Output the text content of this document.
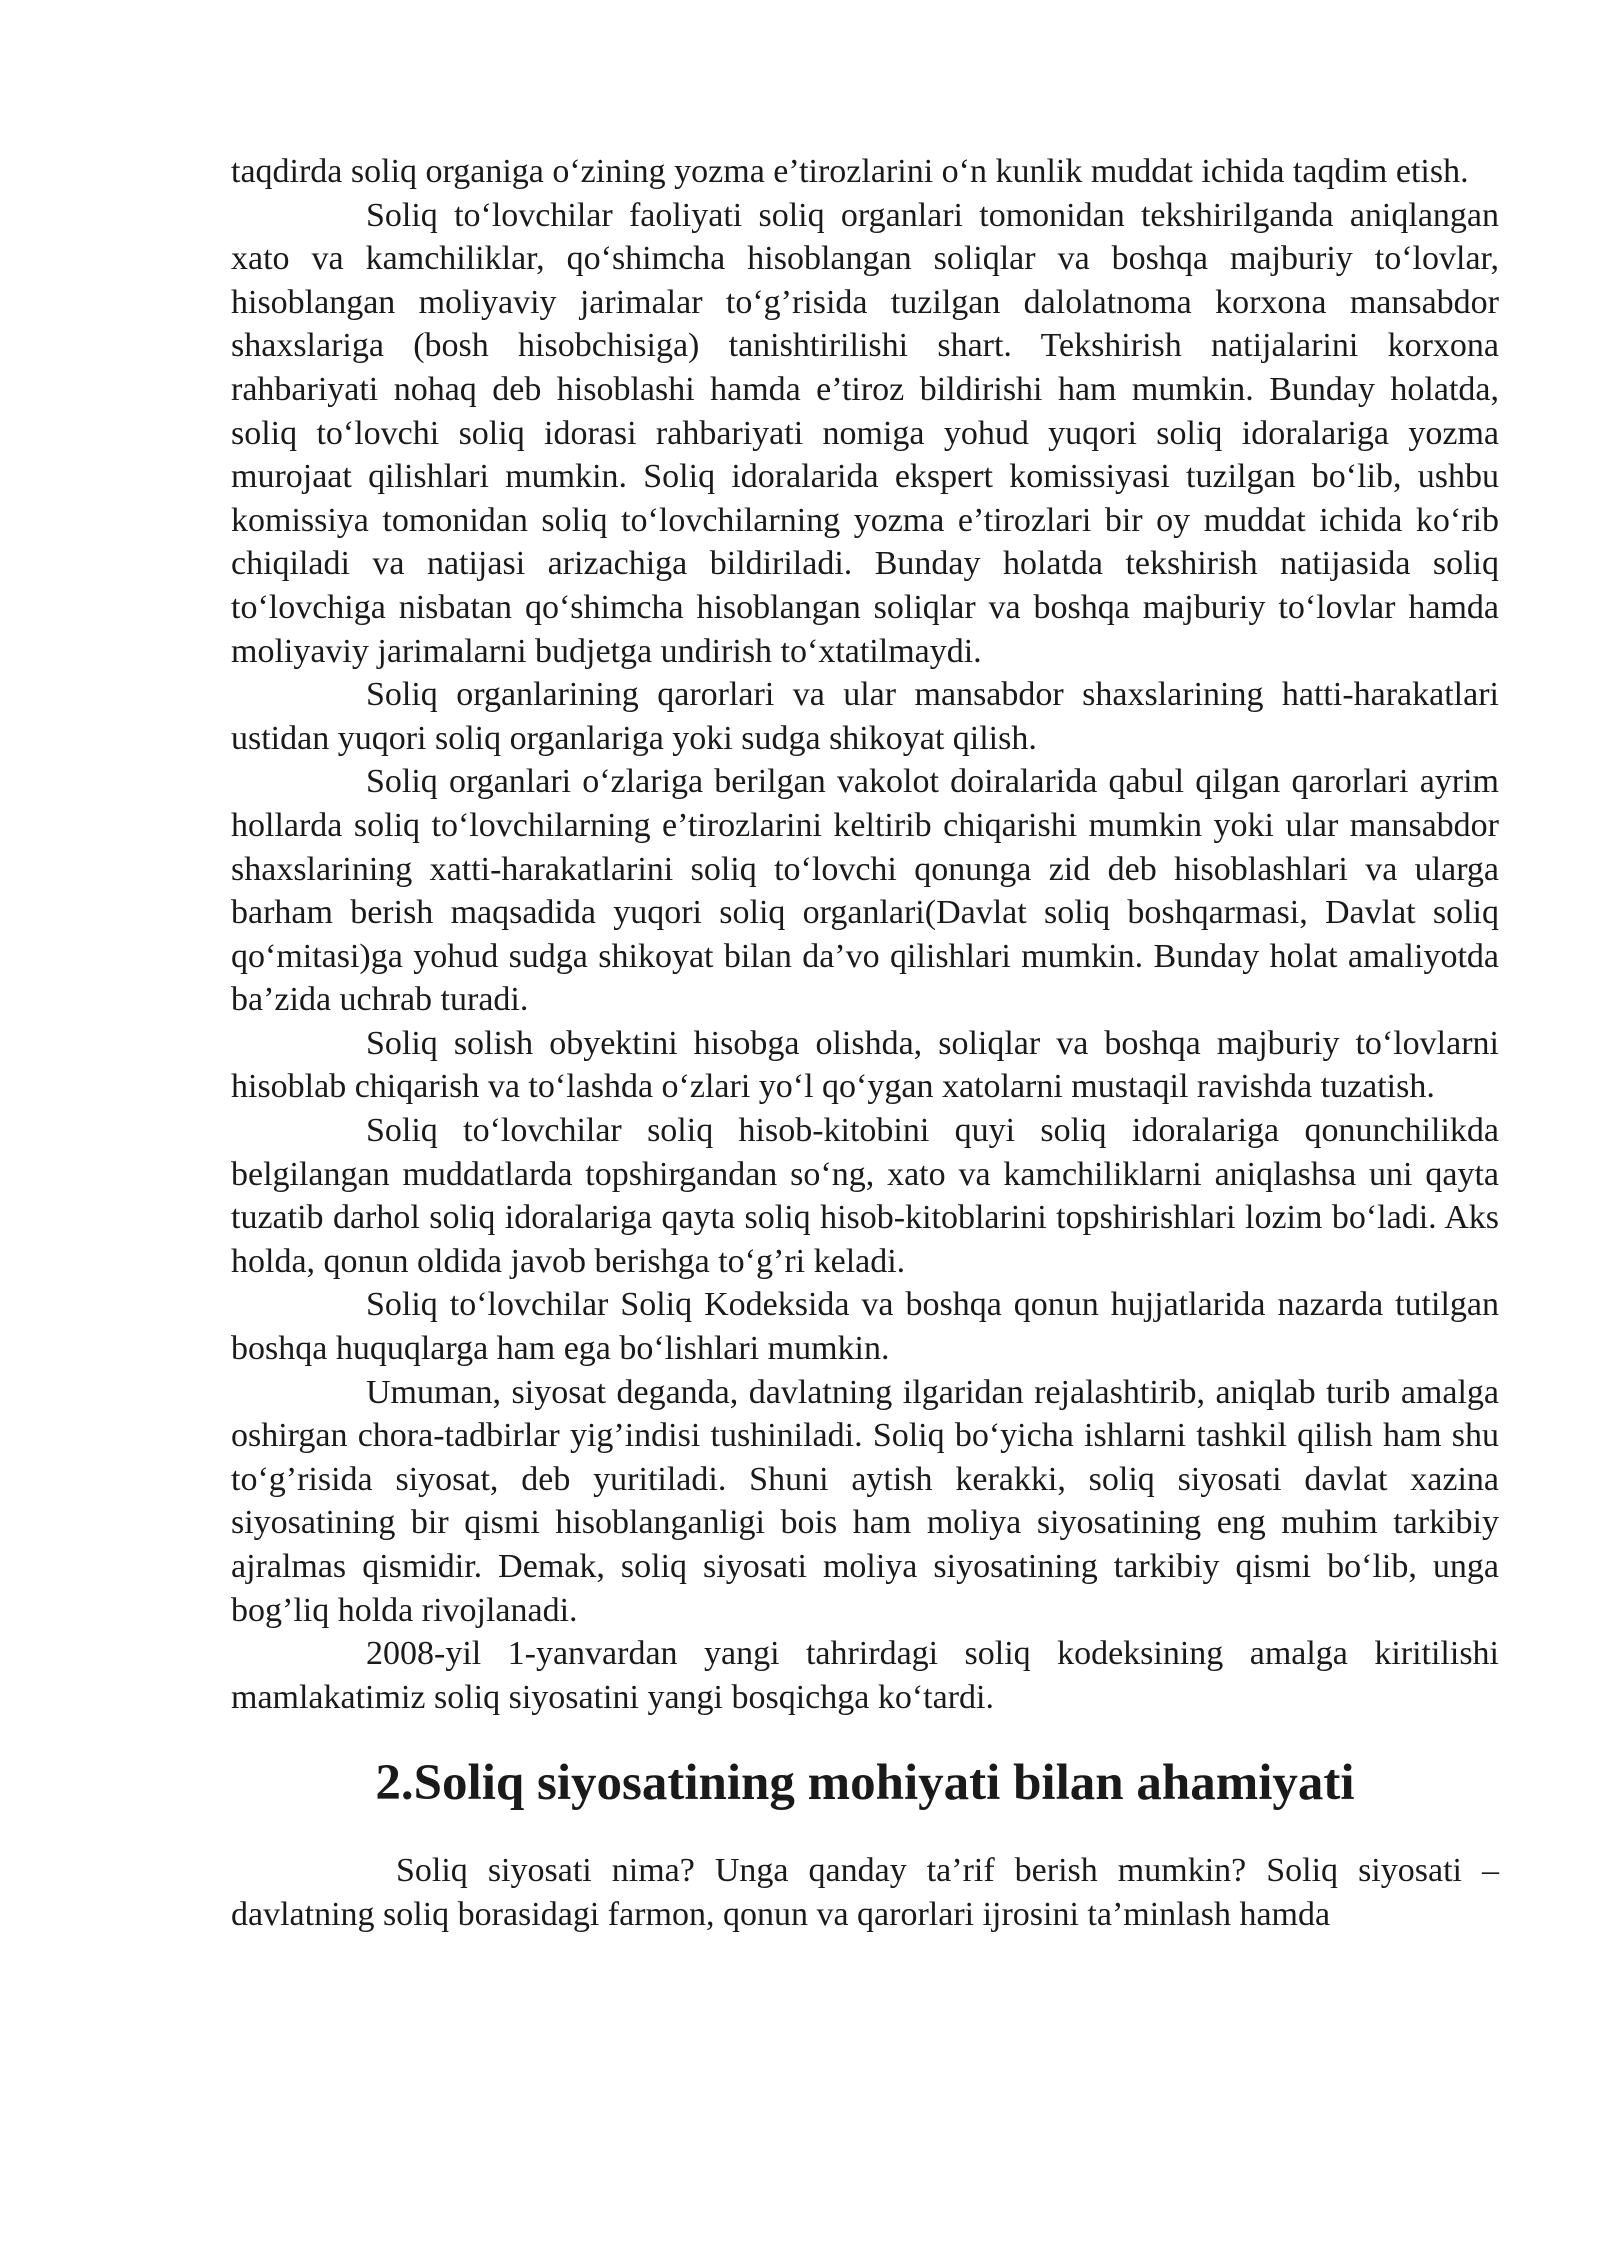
taqdirda soliq organiga o‘zining yozma e’tirozlarini o‘n kunlik muddat ichida taqdim etish.

Soliq to‘lovchilar faoliyati soliq organlari tomonidan tekshirilganda aniqlangan xato va kamchiliklar, qo‘shimcha hisoblangan soliqlar va boshqa majburiy to‘lovlar, hisoblangan moliyaviy jarimalar to‘g’risida tuzilgan dalolatnoma korxona mansabdor shaxslariga (bosh hisobchisiga) tanishtirilishi shart. Tekshirish natijalarini korxona rahbariyati nohaq deb hisoblashi hamda e’tiroz bildirishi ham mumkin. Bunday holatda, soliq to‘lovchi soliq idorasi rahbariyati nomiga yohud yuqori soliq idoralariga yozma murojaat qilishlari mumkin. Soliq idoralarida ekspert komissiyasi tuzilgan bo‘lib, ushbu komissiya tomonidan soliq to‘lovchilarning yozma e’tirozlari bir oy muddat ichida ko‘rib chiqiladi va natijasi arizachiga bildiriladi. Bunday holatda tekshirish natijasida soliq to‘lovchiga nisbatan qo‘shimcha hisoblangan soliqlar va boshqa majburiy to‘lovlar hamda moliyaviy jarimalarni budjetga undirish to‘xtatilmaydi.

Soliq organlarining qarorlari va ular mansabdor shaxslarining hatti-harakatlari ustidan yuqori soliq organlariga yoki sudga shikoyat qilish.

Soliq organlari o‘zlariga berilgan vakolot doiralarida qabul qilgan qarorlari ayrim hollarda soliq to‘lovchilarning e’tirozlarini keltirib chiqarishi mumkin yoki ular mansabdor shaxslarining xatti-harakatlarini soliq to‘lovchi qonunga zid deb hisoblashlari va ularga barham berish maqsadida yuqori soliq organlari(Davlat soliq boshqarmasi, Davlat soliq qo‘mitasi)ga yohud sudga shikoyat bilan da’vo qilishlari mumkin. Bunday holat amaliyotda ba’zida uchrab turadi.

Soliq solish obyektini hisobga olishda, soliqlar va boshqa majburiy to‘lovlarni hisoblab chiqarish va to‘lashda o‘zlari yo‘l qo‘ygan xatolarni mustaqil ravishda tuzatish.

Soliq to‘lovchilar soliq hisob-kitobini quyi soliq idoralariga qonunchilikda belgilangan muddatlarda topshirgandan so‘ng, xato va kamchiliklarni aniqlashsa uni qayta tuzatib darhol soliq idoralariga qayta soliq hisob-kitoblarini topshirishlari lozim bo‘ladi. Aks holda, qonun oldida javob berishga to‘g’ri keladi.

Soliq to‘lovchilar Soliq Kodeksida va boshqa qonun hujjatlarida nazarda tutilgan boshqa huquqlarga ham ega bo‘lishlari mumkin.

Umuman, siyosat deganda, davlatning ilgaridan rejalashtirib, aniqlab turib amalga oshirgan chora-tadbirlar yig’indisi tushiniladi. Soliq bo‘yicha ishlarni tashkil qilish ham shu to‘g’risida siyosat, deb yuritiladi. Shuni aytish kerakki, soliq siyosati davlat xazina siyosatining bir qismi hisoblanganligi bois ham moliya siyosatining eng muhim tarkibiy ajralmas qismidir. Demak, soliq siyosati moliya siyosatining tarkibiy qismi bo‘lib, unga bog’liq holda rivojlanadi.

2008-yil 1-yanvardan yangi tahrirdagi soliq kodeksining amalga kiritilishi mamlakatimiz soliq siyosatini yangi bosqichga ko‘tardi.

2.Soliq siyosatining mohiyati bilan ahamiyati

Soliq siyosati nima? Unga qanday ta’rif berish mumkin? Soliq siyosati – davlatning soliq borasidagi farmon, qonun va qarorlari ijrosini ta’minlash hamda
